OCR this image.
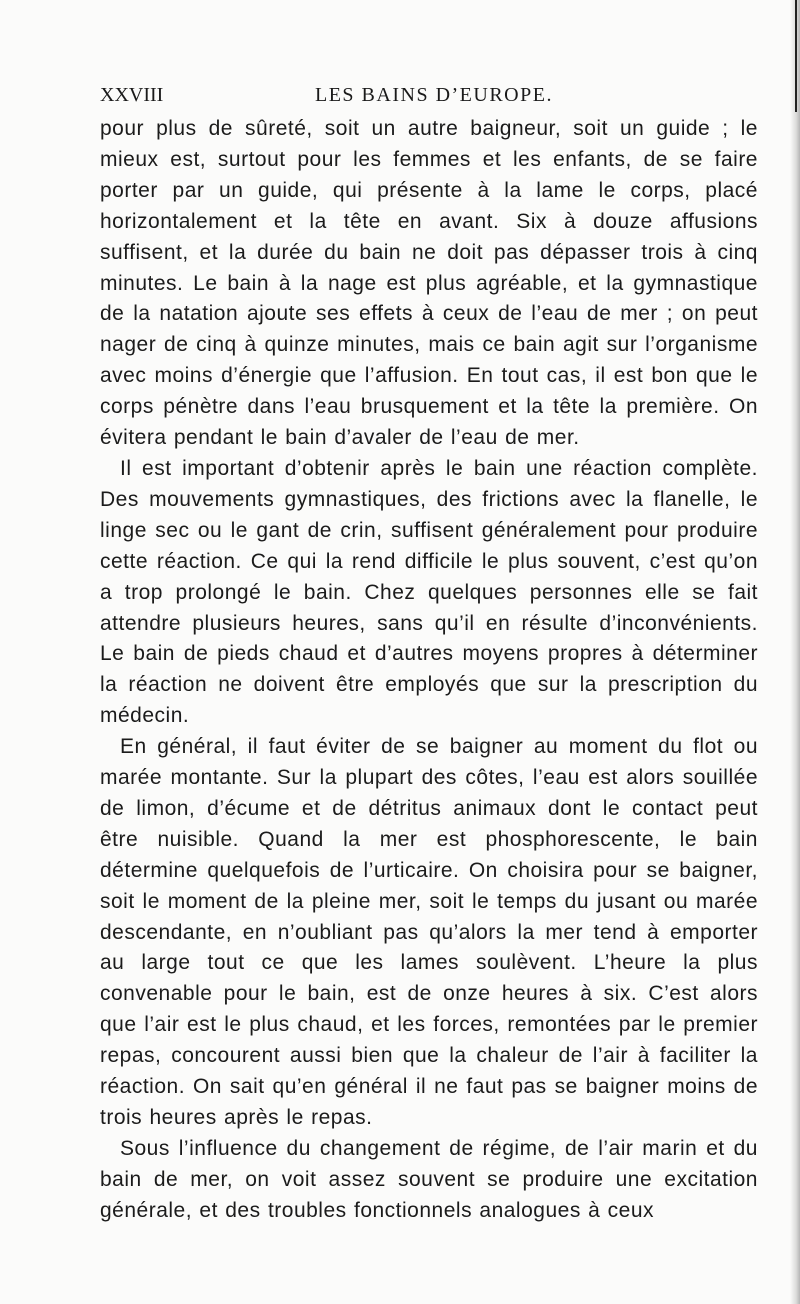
XXVIII	LES BAINS D’EUROPE.

pour plus de sûreté, soit un autre baigneur, soit un guide ; le mieux est, surtout pour les femmes et les enfants, de se faire porter par un guide, qui présente à la lame le corps, placé horizontalement et la tête en avant. Six à douze affusions suffisent, et la durée du bain ne doit pas dépasser trois à cinq minutes. Le bain à la nage est plus agréable, et la gymnastique de la natation ajoute ses effets à ceux de l’eau de mer ; on peut nager de cinq à quinze minutes, mais ce bain agit sur l’organisme avec moins d’énergie que l’affusion. En tout cas, il est bon que le corps pénètre dans l’eau brusquement et la tête la première. On évitera pendant le bain d’avaler de l’eau de mer.

Il est important d’obtenir après le bain une réaction complète. Des mouvements gymnastiques, des frictions avec la flanelle, le linge sec ou le gant de crin, suffisent généralement pour produire cette réaction. Ce qui la rend difficile le plus souvent, c’est qu’on a trop prolongé le bain. Chez quelques personnes elle se fait attendre plusieurs heures, sans qu’il en résulte d’inconvénients. Le bain de pieds chaud et d’autres moyens propres à déterminer la réaction ne doivent être employés que sur la prescription du médecin.

En général, il faut éviter de se baigner au moment du flot ou marée montante. Sur la plupart des côtes, l’eau est alors souillée de limon, d’écume et de détritus animaux dont le contact peut être nuisible. Quand la mer est phosphorescente, le bain détermine quelquefois de l’urticaire. On choisira pour se baigner, soit le moment de la pleine mer, soit le temps du jusant ou marée descendante, en n’oubliant pas qu’alors la mer tend à emporter au large tout ce que les lames soulèvent. L’heure la plus convenable pour le bain, est de onze heures à six. C’est alors que l’air est le plus chaud, et les forces, remontées par le premier repas, concourent aussi bien que la chaleur de l’air à faciliter la réaction. On sait qu’en général il ne faut pas se baigner moins de trois heures après le repas.

Sous l’influence du changement de régime, de l’air marin et du bain de mer, on voit assez souvent se produire une excitation générale, et des troubles fonctionnels analogues à ceux
